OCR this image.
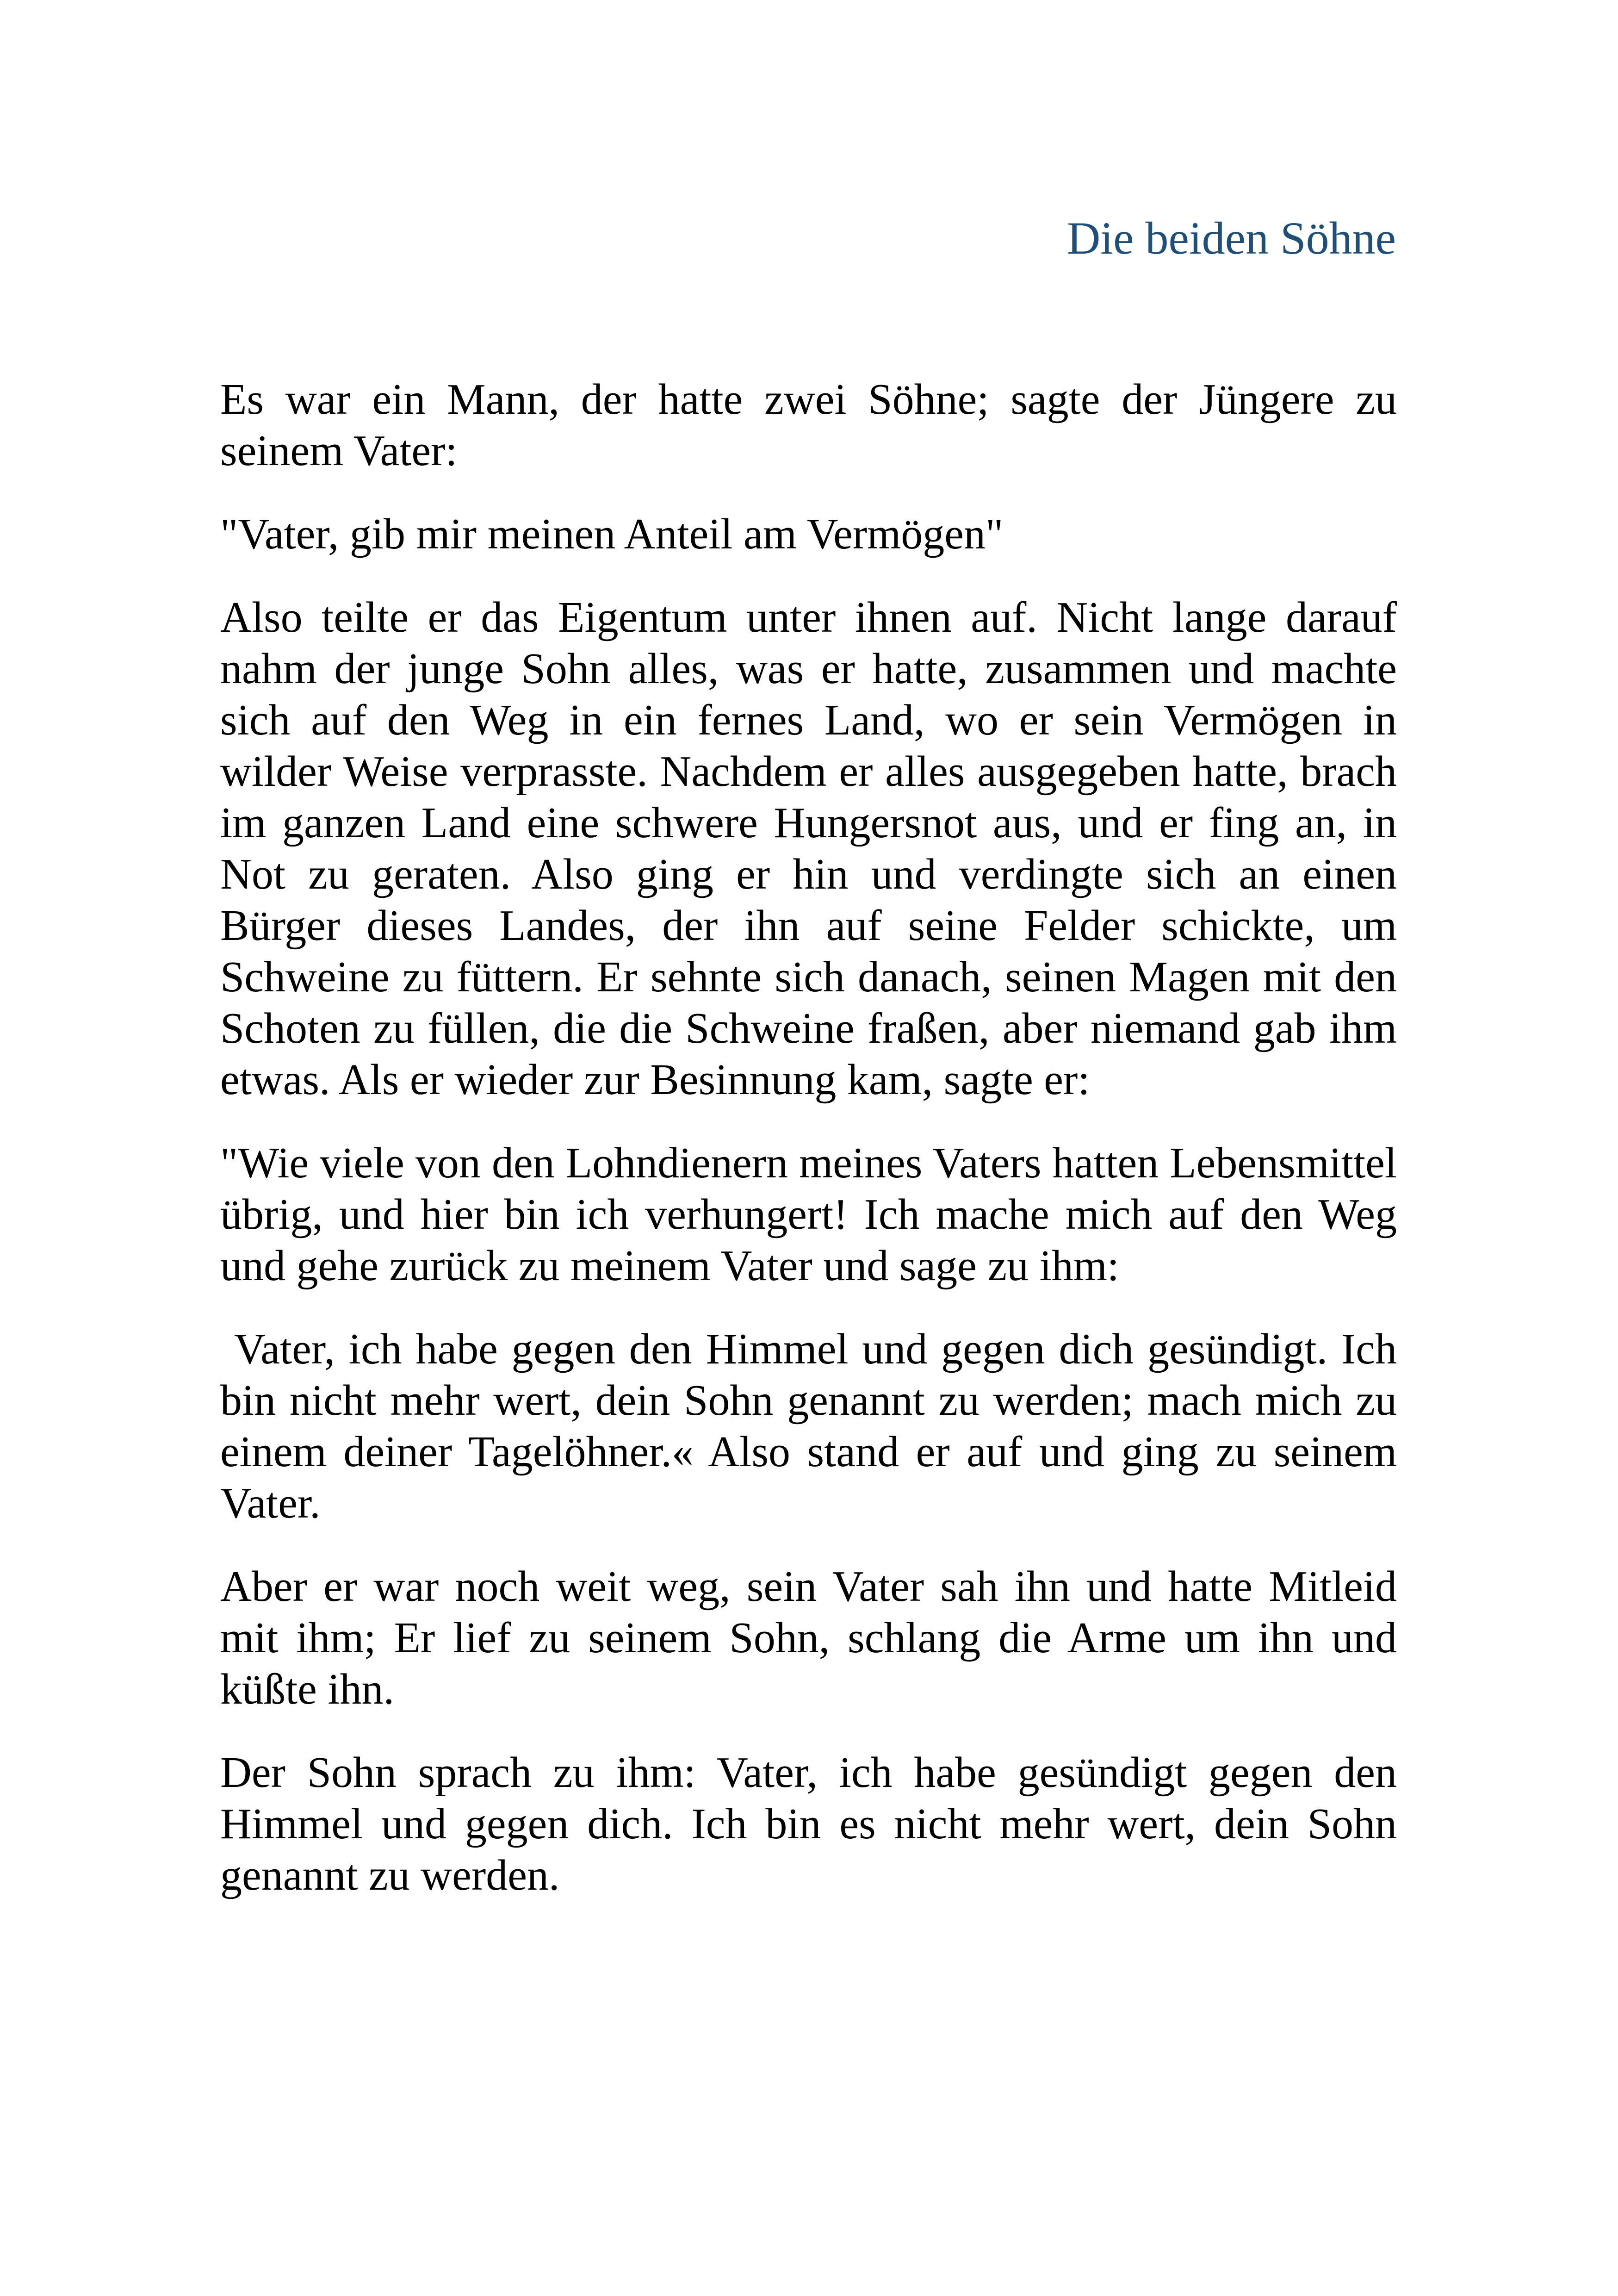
Die beiden Söhne

Es war ein Mann, der hatte zwei Söhne; sagte der Jüngere zu seinem Vater:

"Vater, gib mir meinen Anteil am Vermögen"

Also teilte er das Eigentum unter ihnen auf. Nicht lange darauf nahm der junge Sohn alles, was er hatte, zusammen und machte sich auf den Weg in ein fernes Land, wo er sein Vermögen in wilder Weise verprasste. Nachdem er alles ausgegeben hatte, brach im ganzen Land eine schwere Hungersnot aus, und er fing an, in Not zu geraten. Also ging er hin und verdingte sich an einen Bürger dieses Landes, der ihn auf seine Felder schickte, um Schweine zu füttern. Er sehnte sich danach, seinen Magen mit den Schoten zu füllen, die die Schweine fraßen, aber niemand gab ihm etwas. Als er wieder zur Besinnung kam, sagte er:

"Wie viele von den Lohndienern meines Vaters hatten Lebensmittel übrig, und hier bin ich verhungert! Ich mache mich auf den Weg und gehe zurück zu meinem Vater und sage zu ihm:

Vater, ich habe gegen den Himmel und gegen dich gesündigt. Ich bin nicht mehr wert, dein Sohn genannt zu werden; mach mich zu einem deiner Tagelöhner.« Also stand er auf und ging zu seinem Vater.

Aber er war noch weit weg, sein Vater sah ihn und hatte Mitleid mit ihm; Er lief zu seinem Sohn, schlang die Arme um ihn und küßte ihn.

Der Sohn sprach zu ihm: Vater, ich habe gesündigt gegen den Himmel und gegen dich. Ich bin es nicht mehr wert, dein Sohn genannt zu werden.
